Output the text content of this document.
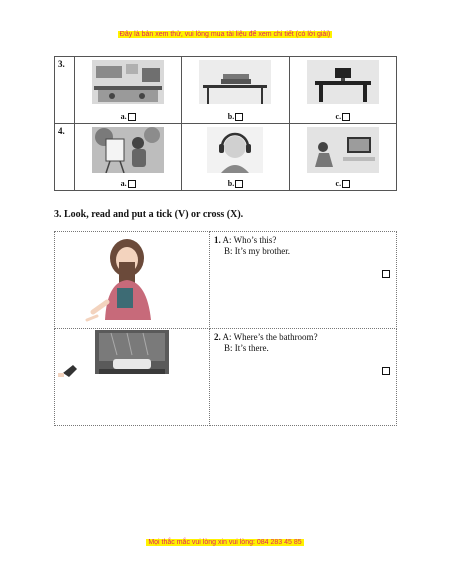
Đây là bản xem thử, vui lòng mua tài liệu để xem chi tiết (có lời giải)
3.	a.	b.	c.

4.	a.	b.	c.
3. Look, read and put a tick (V) or cross (X).

1. A: Who’s this?
B: It’s my brother.

2. A: Where’s the bathroom?
B: It’s there.
Mọi thắc mắc vui lòng xin vui lòng: 084 283 45 85
